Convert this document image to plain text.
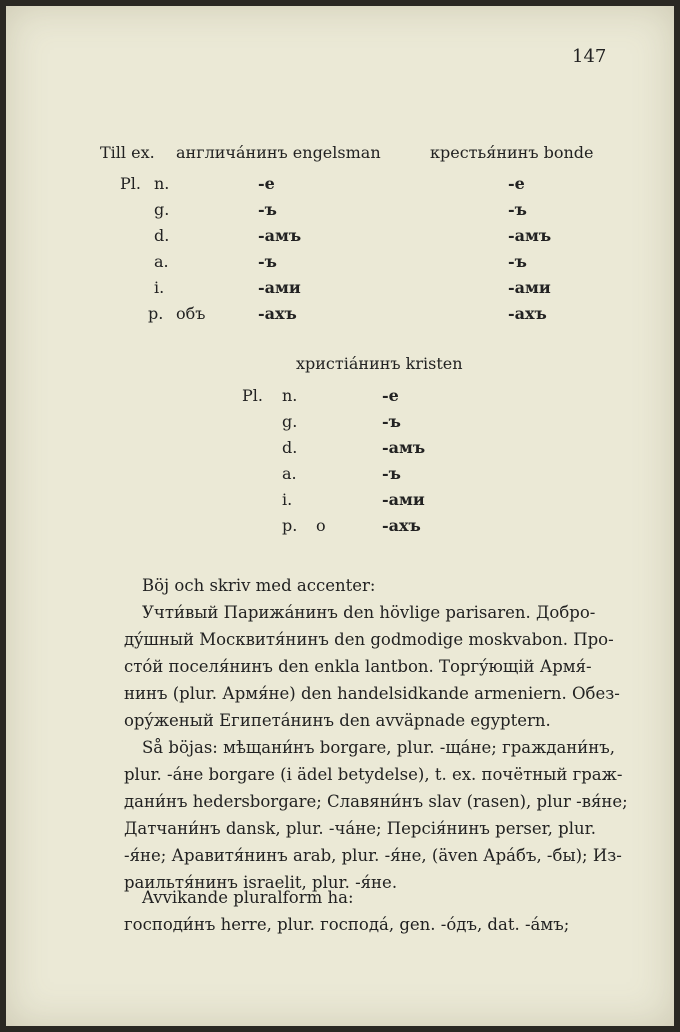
147
Till ex. англичáнинъ engelsman	крестья́нинъ bonde
Pl. n.
g.
d.
a.
i.
p. объ
-е
-ъ
-амъ
-ъ
-ами
-ахъ
-е
-ъ
-амъ
-ъ
-ами
-ахъ
христіáнинъ kristen
Pl. n.
g.
d.
a.
i.
p. о
-е
-ъ
-амъ
-ъ
-ами
-ахъ
Böj och skriv med accenter:
Учти́вый Парижáнинъ den hövlige parisaren. Добро-
дýшный Москвитя́нинъ den godmodige moskvabon. Про-
стóй поселя́нинъ den enkla lantbon. Торгýющій Армя́-
нинъ (plur. Армя́не) den handelsidkande armeniern. Обез-
орýженый Египетáнинъ den avväpnade egyptern.
Så böjas: мѣщани́нъ borgare, plur. -щáне; граждани́нъ,
plur. -áне borgare (i ädel betydelse), t. ex. почётный граж-
дани́нъ hedersborgare; Славяни́нъ slav (rasen), plur -вя́не;
Датчани́нъ dansk, plur. -чáне; Персія́нинъ perser, plur.
-я́не; Аравитя́нинъ arab, plur. -я́не, (även Арáбъ, -бы); Из-
раильтя́нинъ israelit, plur. -я́не.
Avvikande pluralform ha:
господи́нъ herre, plur. господá, gen. -óдъ, dat. -áмъ;
